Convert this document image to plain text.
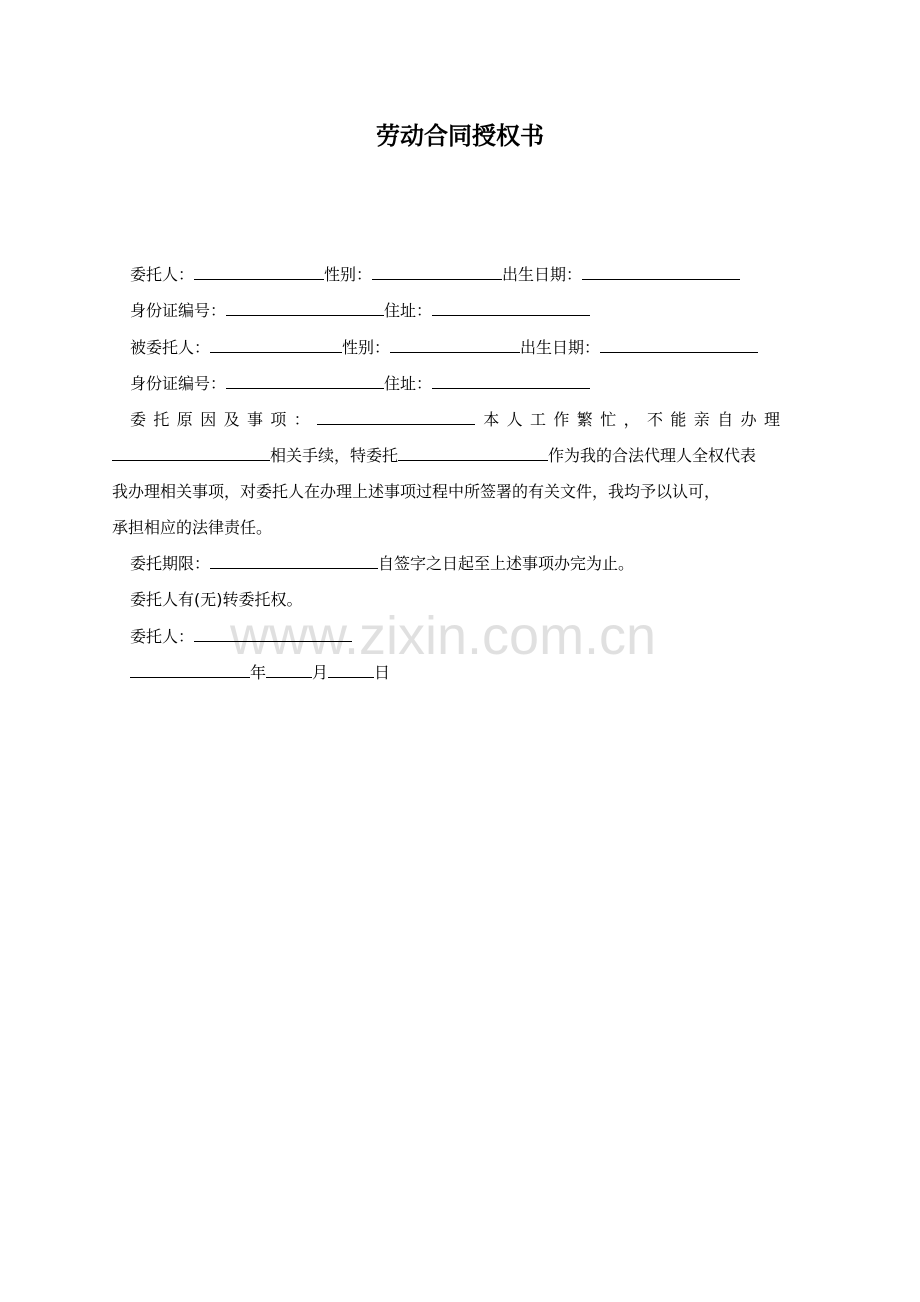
劳动合同授权书
委托人：	性别：	出生日期：
身份证编号：	住址：
被委托人：	性别：	出生日期：
身份证编号：	住址：
委托原因及事项：	本人工作繁忙，不能亲自办理
相关手续，特委托	作为我的合法代理人全权代表
我办理相关事项，对委托人在办理上述事项过程中所签署的有关文件，我均予以认可，
承担相应的法律责任。
委托期限：	自签字之日起至上述事项办完为止。
委托人有(无)转委托权。
委托人：
年	月	日
www.zixin.com.cn
